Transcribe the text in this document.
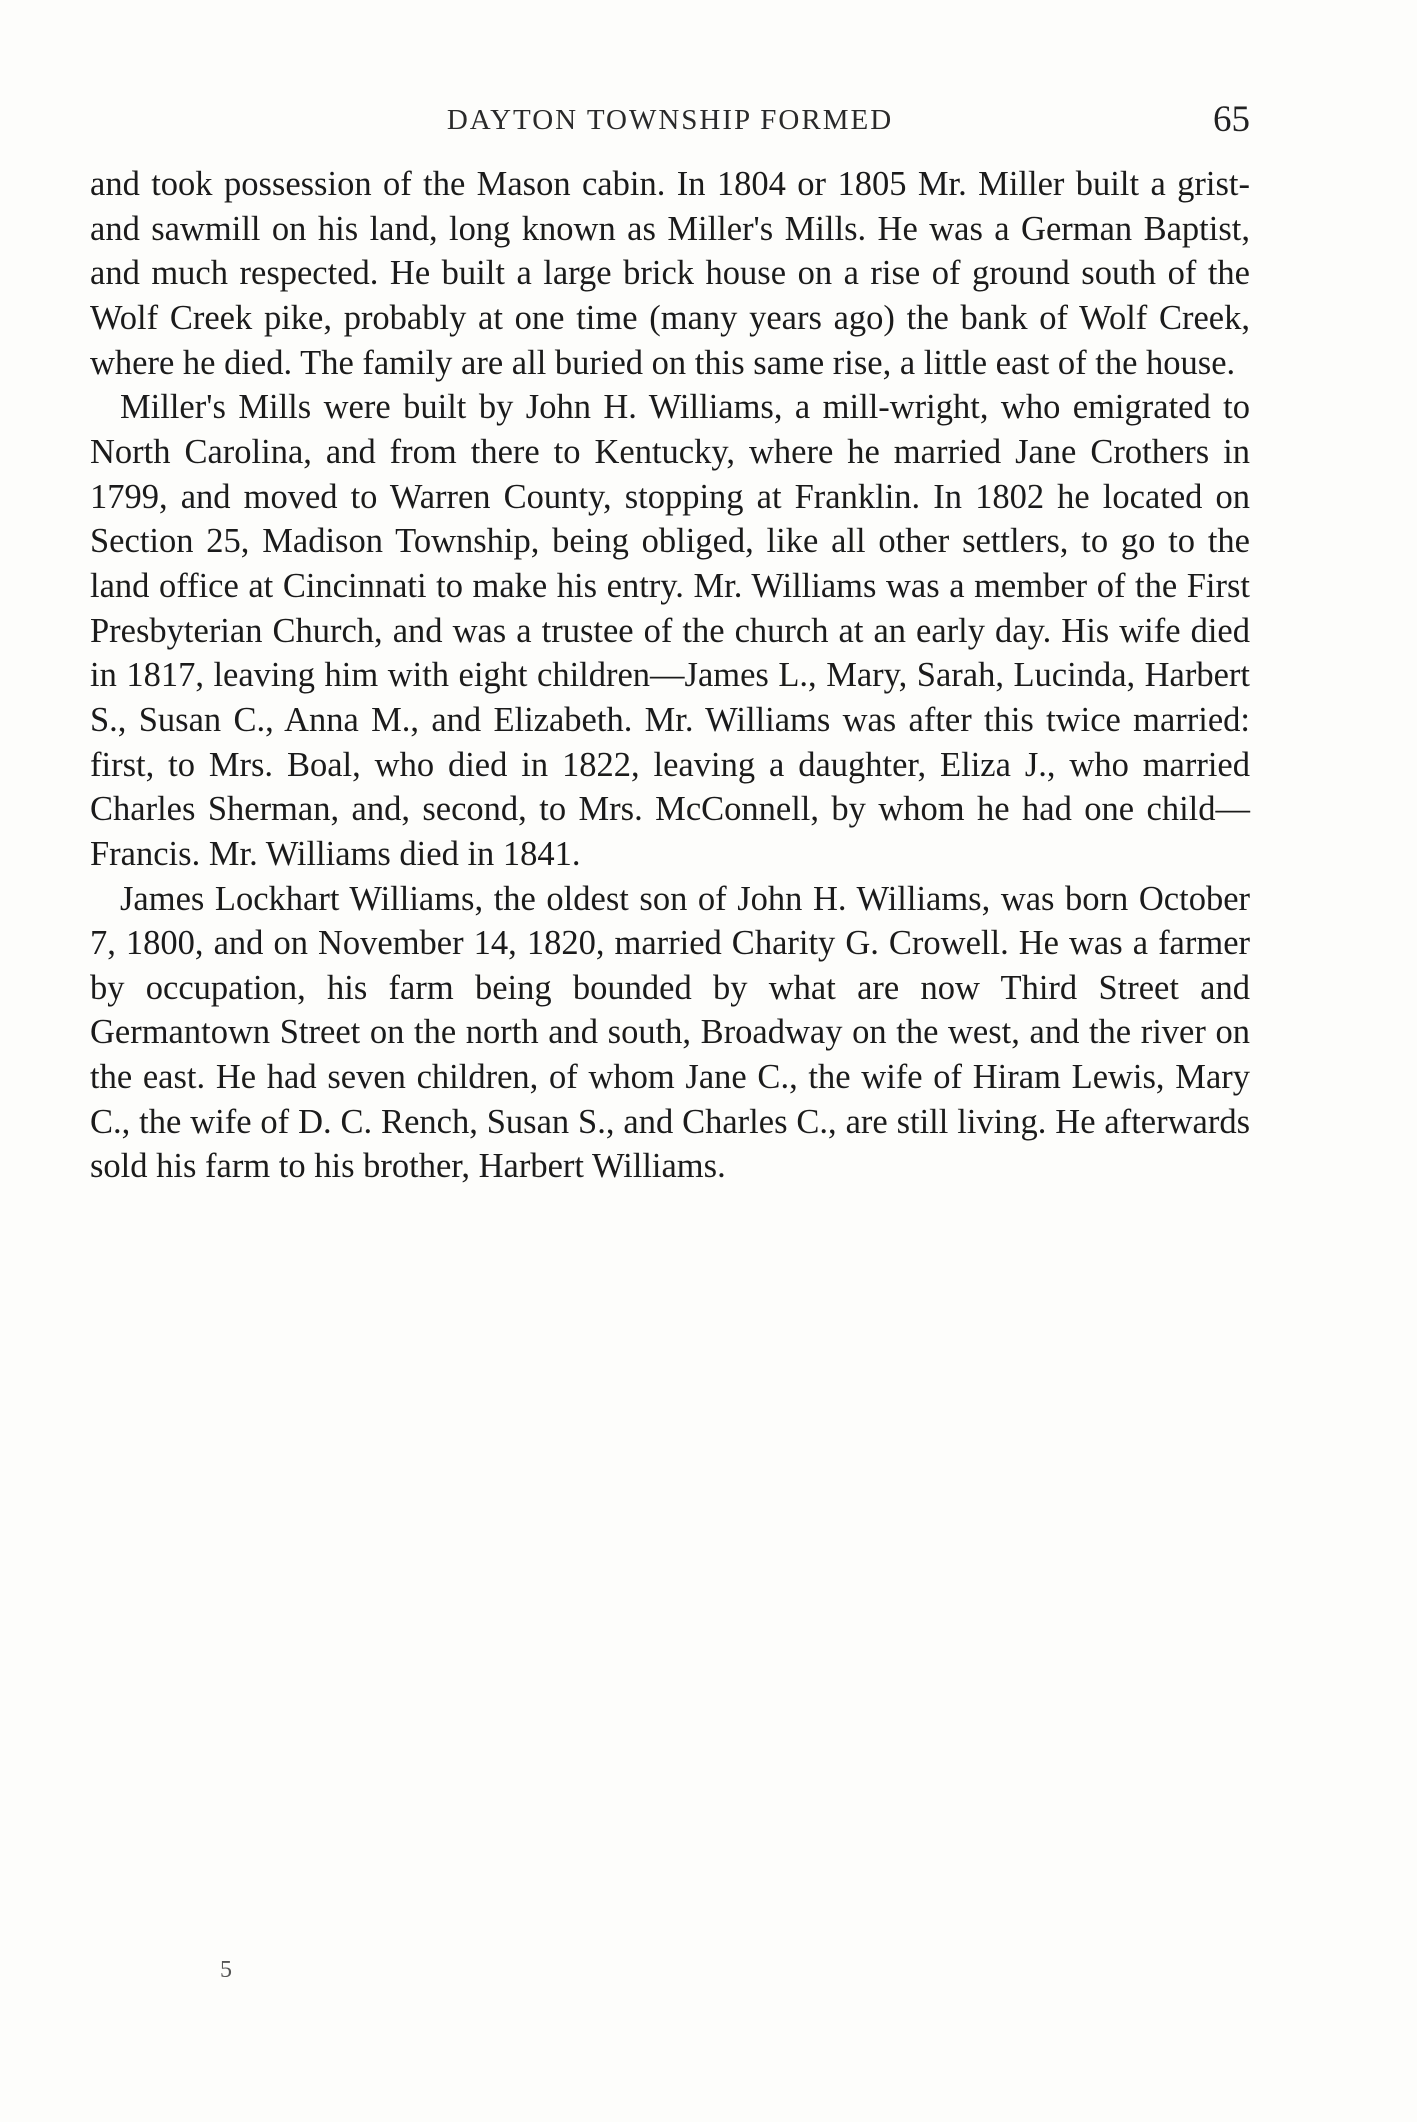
DAYTON TOWNSHIP FORMED	65

and took possession of the Mason cabin. In 1804 or 1805 Mr. Miller built a grist- and sawmill on his land, long known as Miller's Mills. He was a German Baptist, and much respected. He built a large brick house on a rise of ground south of the Wolf Creek pike, probably at one time (many years ago) the bank of Wolf Creek, where he died. The family are all buried on this same rise, a little east of the house.

Miller's Mills were built by John H. Williams, a mill-wright, who emigrated to North Carolina, and from there to Kentucky, where he married Jane Crothers in 1799, and moved to Warren County, stopping at Franklin. In 1802 he located on Section 25, Madison Township, being obliged, like all other settlers, to go to the land office at Cincinnati to make his entry. Mr. Williams was a member of the First Presbyterian Church, and was a trustee of the church at an early day. His wife died in 1817, leaving him with eight children—James L., Mary, Sarah, Lucinda, Harbert S., Susan C., Anna M., and Elizabeth. Mr. Williams was after this twice married: first, to Mrs. Boal, who died in 1822, leaving a daughter, Eliza J., who married Charles Sherman, and, second, to Mrs. McConnell, by whom he had one child—Francis. Mr. Williams died in 1841.

James Lockhart Williams, the oldest son of John H. Williams, was born October 7, 1800, and on November 14, 1820, married Charity G. Crowell. He was a farmer by occupation, his farm being bounded by what are now Third Street and Germantown Street on the north and south, Broadway on the west, and the river on the east. He had seven children, of whom Jane C., the wife of Hiram Lewis, Mary C., the wife of D. C. Rench, Susan S., and Charles C., are still living. He afterwards sold his farm to his brother, Harbert Williams.

5
